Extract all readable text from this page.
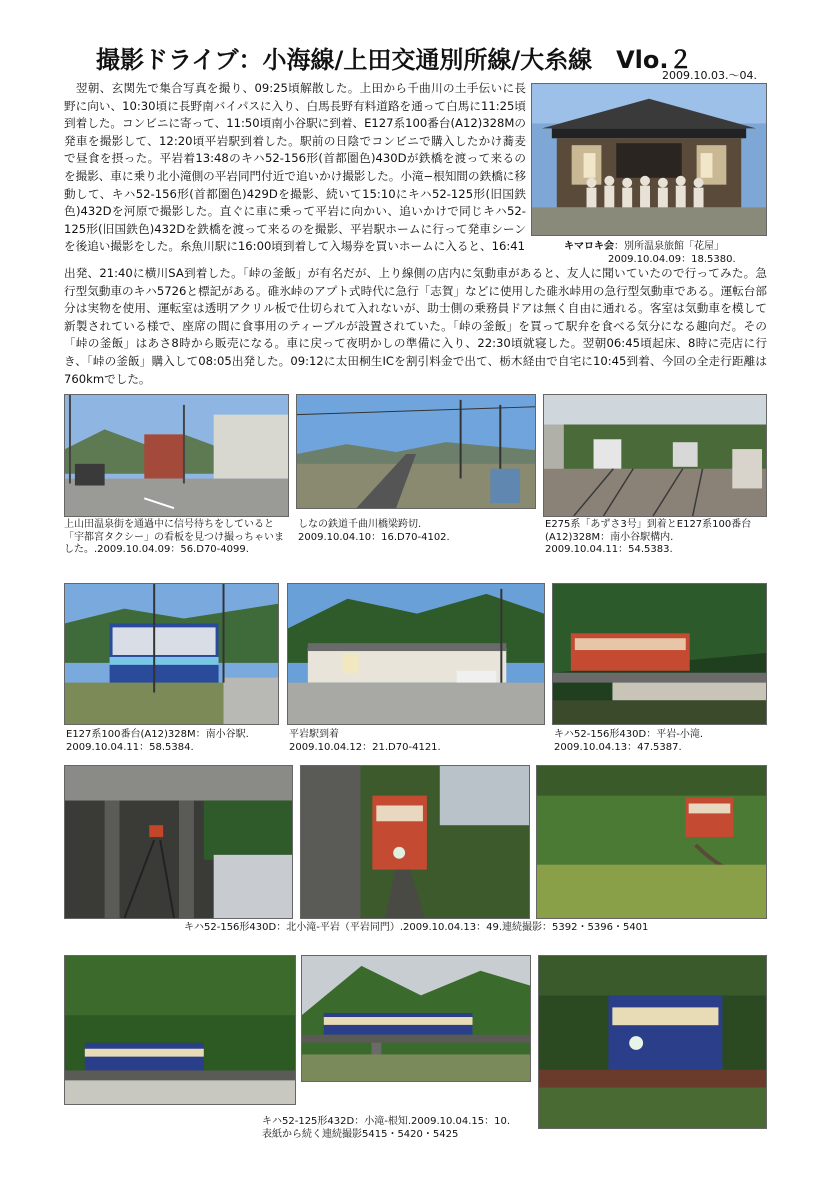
撮影ドライブ：小海線/上田交通別所線/大糸線　Vlo.２
2009.10.03.～04.
　翌朝、玄関先で集合写真を撮り、09:25頃解散した。上田から千曲川の土手伝いに長野に向い、10:30頃に長野南バイパスに入り、白馬長野有料道路を通って白馬に11:25頃到着した。コンビニに寄って、11:50頃南小谷駅に到着、E127系100番台(A12)328Mの発車を撮影して、12:20頃平岩駅到着した。駅前の日陰でコンビニで購入したかけ蕎麦で昼食を摂った。平岩着13:48のキハ52-156形(首都圏色)430Dが鉄橋を渡って来るのを撮影、車に乗り北小滝側の平岩同門付近で追いかけ撮影した。小滝−根知間の鉄橋に移動して、キハ52-156形(首都圏色)429Dを撮影、続いて15:10にキハ52-125形(旧国鉄色)432Dを河原で撮影した。直ぐに車に乗って平岩に向かい、追いかけで同じキハ52-125形(旧国鉄色)432Dを鉄橋を渡って来るのを撮影、平岩駅ホームに行って発車シーンを後追い撮影をした。糸魚川駅に16:00頃到着して入場券を買いホームに入ると、16:41
出発、21:40に横川SA到着した。「峠の釜飯」が有名だが、上り線側の店内に気動車があると、友人に聞いていたので行ってみた。急行型気動車のキハ5726と標記がある。碓氷峠のアプト式時代に急行「志賀」などに使用した碓氷峠用の急行型気動車である。運転台部分は実物を使用、運転室は透明アクリル板で仕切られて入れないが、助士側の乗務員ドアは無く自由に通れる。客室は気動車を模して新製されている様で、座席の間に食事用のティーブルが設置されていた。「峠の釜飯」を買って駅弁を食べる気分になる趣向だ。その「峠の釜飯」はあさ8時から販売になる。車に戻って夜明かしの準備に入り、22:30頃就寝した。翌朝06:45頃起床、8時に売店に行き、「峠の釜飯」購入して08:05出発した。09:12に太田桐生ICを割引料金で出て、栃木経由で自宅に10:45到着、今回の全走行距離は760kmでした。
キマロキ会：別所温泉旅館「花屋」
2009.10.04.09：18.5380.
上山田温泉街を通過中に信号待ちをしていると
「宇都宮タクシー」の看板を見つけ撮っちゃいま
した。.2009.10.04.09：56.D70-4099.
しなの鉄道千曲川橋梁跨切.
2009.10.04.10：16.D70-4102.
E275系「あずさ3号」到着とE127系100番台
(A12)328M：南小谷駅構内.
2009.10.04.11：54.5383.
E127系100番台(A12)328M：南小谷駅.
2009.10.04.11：58.5384.
平岩駅到着
2009.10.04.12：21.D70-4121.
キハ52-156形430D：平岩-小滝.
2009.10.04.13：47.5387.
キハ52-156形430D：北小滝-平岩（平岩同門）.2009.10.04.13：49.連続撮影：5392・5396・5401
キハ52-125形432D：小滝-根知.2009.10.04.15：10.
表紙から続く連続撮影5415・5420・5425
